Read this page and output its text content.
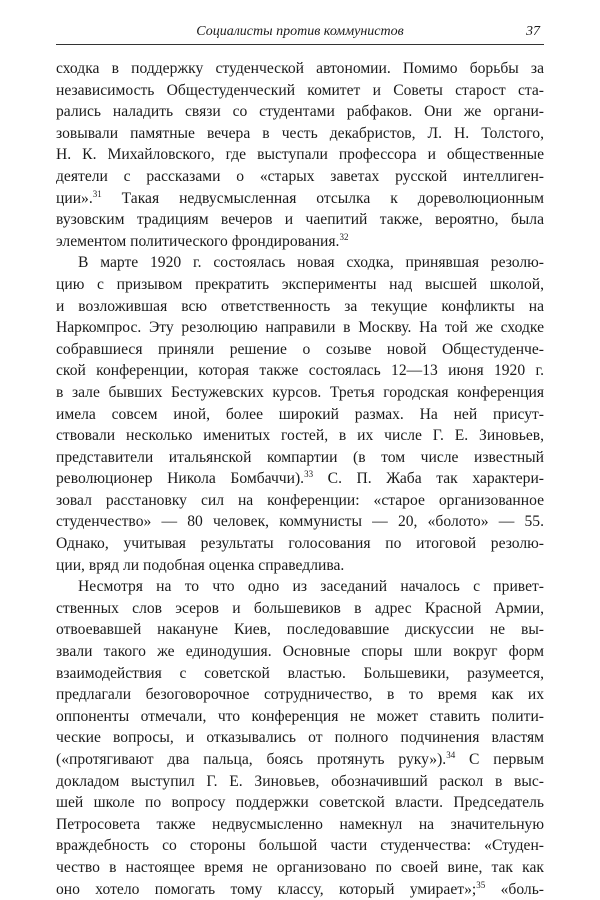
Социалисты против коммунистов	37
сходка в поддержку студенческой автономии. Помимо борьбы за
независимость Общестуденческий комитет и Советы старост ста-
рались наладить связи со студентами рабфаков. Они же органи-
зовывали памятные вечера в честь декабристов, Л. Н. Толстого,
Н. К. Михайловского, где выступали профессора и общественные
деятели с рассказами о «старых заветах русской интеллиген-
ции».$^{31}$ Такая недвусмысленная отсылка к дореволюционным
вузовским традициям вечеров и чаепитий также, вероятно, была
элементом политического фрондирования.$^{32}$
В марте 1920 г. состоялась новая сходка, принявшая резолю-
цию с призывом прекратить эксперименты над высшей школой,
и возложившая всю ответственность за текущие конфликты на
Наркомпрос. Эту резолюцию направили в Москву. На той же сходке
собравшиеся приняли решение о созыве новой Общестуденче-
ской конференции, которая также состоялась 12—13 июня 1920 г.
в зале бывших Бестужевских курсов. Третья городская конференция
имела совсем иной, более широкий размах. На ней присут-
ствовали несколько именитых гостей, в их числе Г. Е. Зиновьев,
представители итальянской компартии (в том числе известный
революционер Никола Бомбаччи).$^{33}$ С. П. Жаба так характери-
зовал расстановку сил на конференции: «старое организованное
студенчество» — 80 человек, коммунисты — 20, «болото» — 55.
Однако, учитывая результаты голосования по итоговой резолю-
ции, вряд ли подобная оценка справедлива.
Несмотря на то что одно из заседаний началось с привет-
ственных слов эсеров и большевиков в адрес Красной Армии,
отвоевавшей накануне Киев, последовавшие дискуссии не вы-
звали такого же единодушия. Основные споры шли вокруг форм
взаимодействия с советской властью. Большевики, разумеется,
предлагали безоговорочное сотрудничество, в то время как их
оппоненты отмечали, что конференция не может ставить полити-
ческие вопросы, и отказывались от полного подчинения властям
(«протягивают два пальца, боясь протянуть руку»).$^{34}$ С первым
докладом выступил Г. Е. Зиновьев, обозначивший раскол в выс-
шей школе по вопросу поддержки советской власти. Председатель
Петросовета также недвусмысленно намекнул на значительную
враждебность со стороны большой части студенчества: «Студен-
чество в настоящее время не организовано по своей вине, так как
оно хотело помогать тому классу, который умирает»;$^{35}$ «боль-
